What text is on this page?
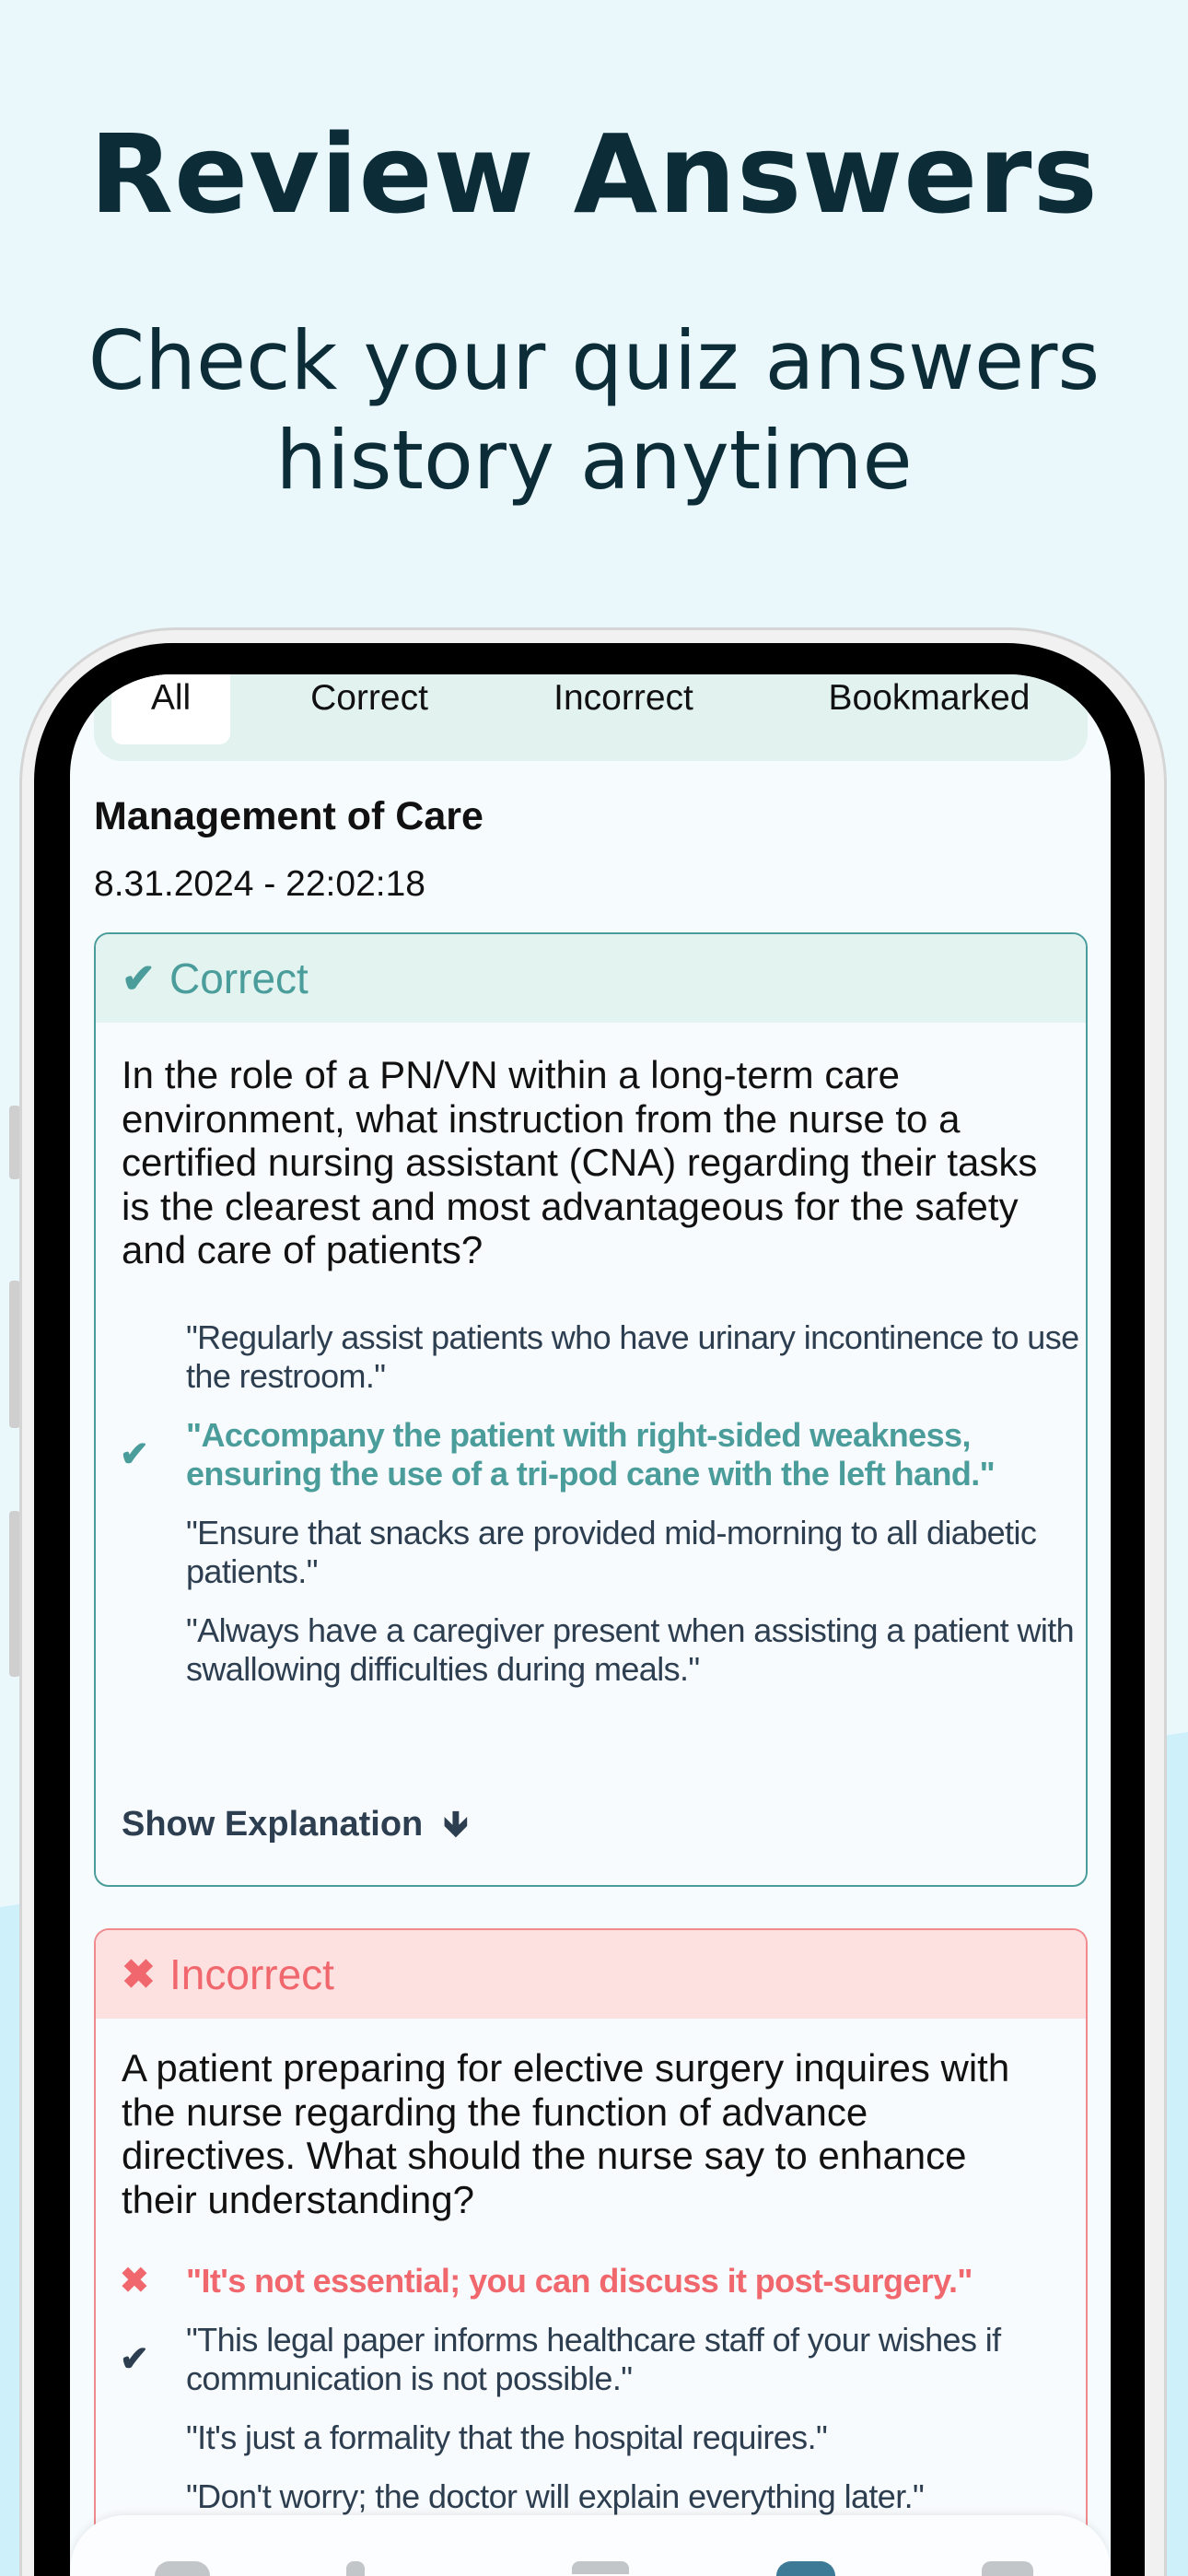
Review Answers
Check your quiz answers history anytime
All	Correct	Incorrect	Bookmarked
Management of Care
8.31.2024 - 22:02:18
✔ Correct
In the role of a PN/VN within a long-term care environment, what instruction from the nurse to a certified nursing assistant (CNA) regarding their tasks is the clearest and most advantageous for the safety and care of patients?
"Regularly assist patients who have urinary incontinence to use the restroom."
✔
"Accompany the patient with right-sided weakness, ensuring the use of a tri-pod cane with the left hand."
"Ensure that snacks are provided mid-morning to all diabetic patients."
"Always have a caregiver present when assisting a patient with swallowing difficulties during meals."
Show Explanation 🡻
✖ Incorrect
A patient preparing for elective surgery inquires with the nurse regarding the function of advance directives. What should the nurse say to enhance their understanding?
✖ "It's not essential; you can discuss it post-surgery."
✔
"This legal paper informs healthcare staff of your wishes if communication is not possible."
"It's just a formality that the hospital requires."
"Don't worry; the doctor will explain everything later."
